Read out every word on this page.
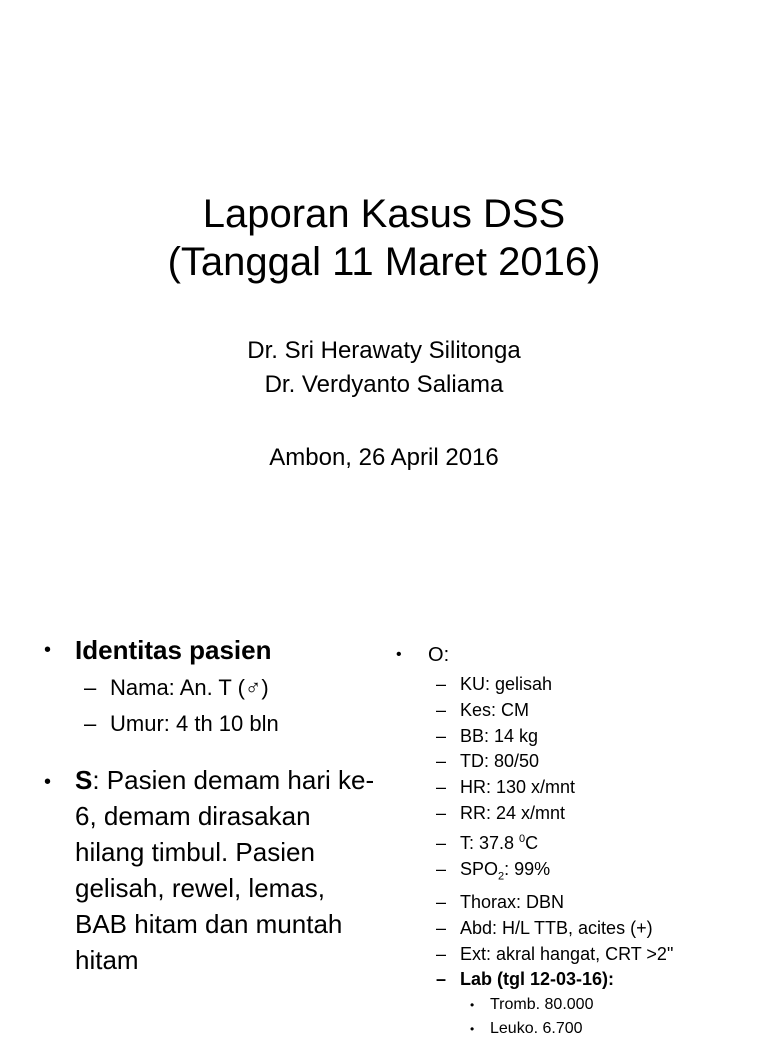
Laporan Kasus DSS
(Tanggal 11 Maret 2016)
Dr. Sri Herawaty Silitonga
Dr. Verdyanto Saliama
Ambon, 26 April 2016
• Identitas pasien
– Nama: An. T (♂)
– Umur: 4 th 10 bln
• S: Pasien demam hari ke-6, demam dirasakan hilang timbul. Pasien gelisah, rewel, lemas, BAB hitam dan muntah hitam
•	O:
– KU: gelisah
– Kes: CM
– BB: 14 kg
– TD: 80/50
– HR: 130 x/mnt
– RR: 24 x/mnt
– T: 37.8 $^0$C
– $SPO_2$: 99%
– Thorax: DBN
– Abd: H/L TTB, acites (+)
– Ext: akral hangat, CRT >2"
– Lab (tgl 12-03-16):
• Tromb. 80.000
• Leuko. 6.700
